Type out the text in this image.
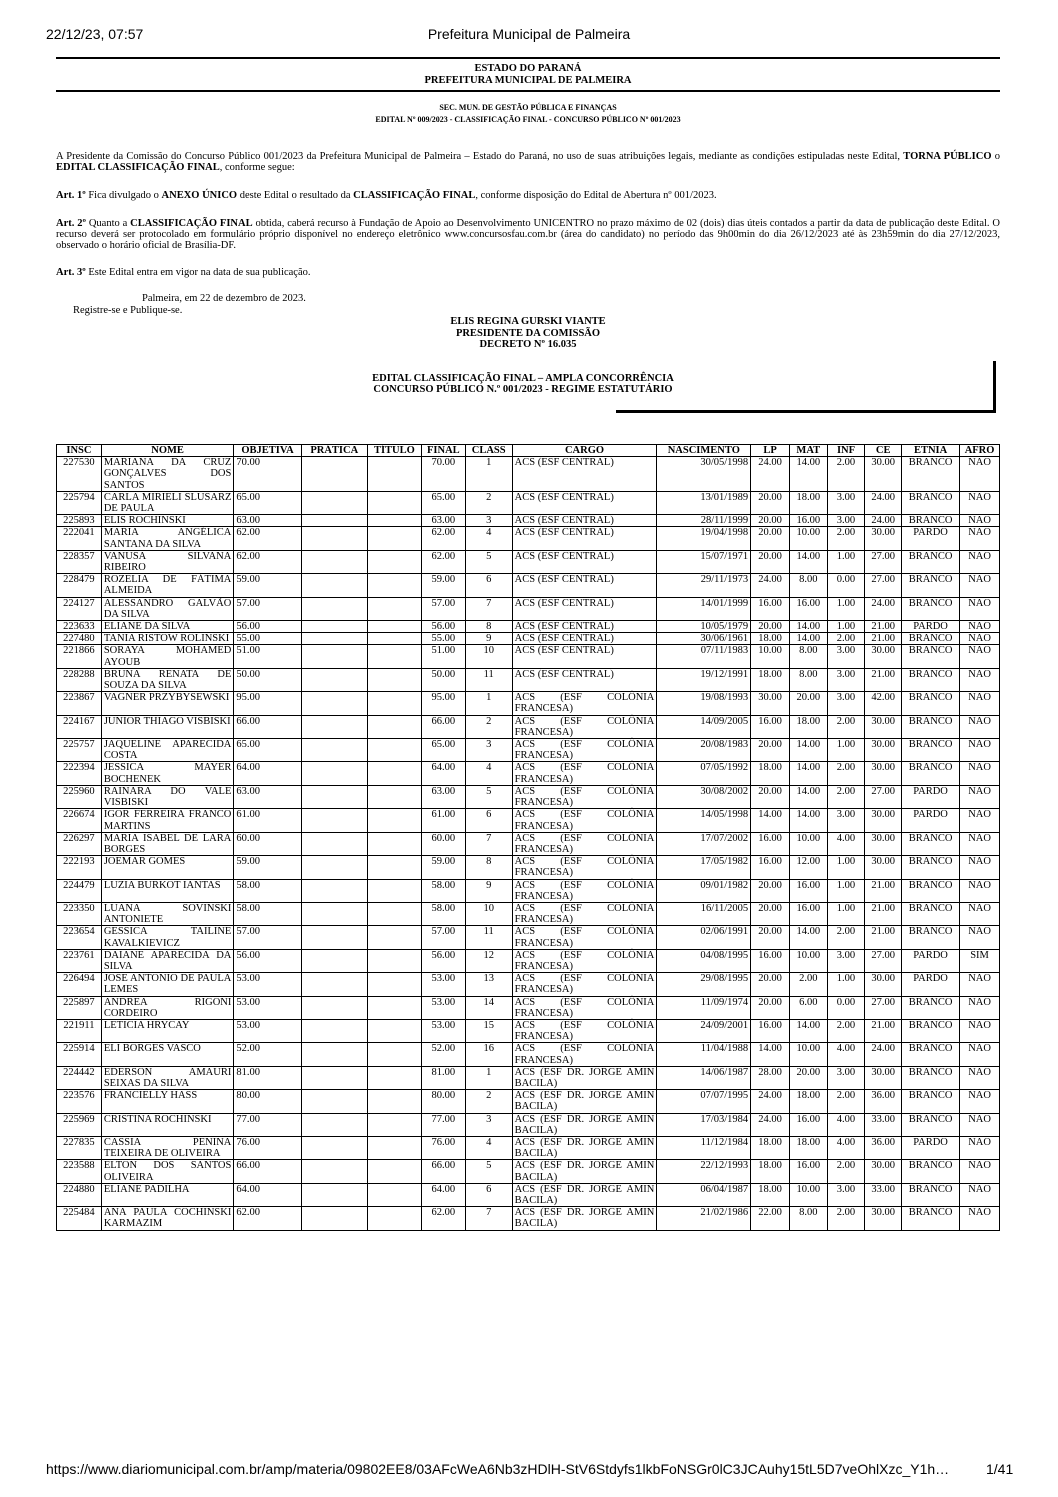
22/12/23, 07:57	Prefeitura Municipal de Palmeira
ESTADO DO PARANÁ
PREFEITURA MUNICIPAL DE PALMEIRA
SEC. MUN. DE GESTÃO PÚBLICA E FINANÇAS
EDITAL Nº 009/2023 - CLASSIFICAÇÃO FINAL - CONCURSO PÚBLICO Nº 001/2023

A Presidente da Comissão do Concurso Público 001/2023 da Prefeitura Municipal de Palmeira – Estado do Paraná, no uso de suas atribuições legais, mediante as condições estipuladas neste Edital, TORNA PÚBLICO o EDITAL CLASSIFICAÇÃO FINAL, conforme segue:

Art. 1º Fica divulgado o ANEXO ÚNICO deste Edital o resultado da CLASSIFICAÇÃO FINAL, conforme disposição do Edital de Abertura nº 001/2023.

Art. 2º Quanto a CLASSIFICAÇÃO FINAL obtida, caberá recurso à Fundação de Apoio ao Desenvolvimento UNICENTRO no prazo máximo de 02 (dois) dias úteis contados a partir da data de publicação deste Edital. O recurso deverá ser protocolado em formulário próprio disponível no endereço eletrônico www.concursosfau.com.br (área do candidato) no período das 9h00min do dia 26/12/2023 até às 23h59min do dia 27/12/2023, observado o horário oficial de Brasília-DF.

Art. 3º Este Edital entra em vigor na data de sua publicação.

Palmeira, em 22 de dezembro de 2023.
Registre-se e Publique-se.
ELIS REGINA GURSKI VIANTE
PRESIDENTE DA COMISSÃO
DECRETO Nº 16.035
EDITAL CLASSIFICAÇÃO FINAL – AMPLA CONCORRÊNCIA
CONCURSO PÚBLICO N.º 001/2023 - REGIME ESTATUTÁRIO
INSC	NOME	OBJETIVA	PRÁTICA	TÍTULO	FINAL	CLASS	CARGO	NASCIMENTO	LP	MAT	INF	CE	ETNIA	AFRO
227530	MARIANA DA CRUZ GONÇALVES DOS SANTOS	70.00			70.00	1	ACS (ESF CENTRAL)	30/05/1998	24.00	14.00	2.00	30.00	BRANCO	NAO
225794	CARLA MIRIELI SLUSARZ DE PAULA	65.00			65.00	2	ACS (ESF CENTRAL)	13/01/1989	20.00	18.00	3.00	24.00	BRANCO	NAO
225893	ELIS ROCHINSKI	63.00			63.00	3	ACS (ESF CENTRAL)	28/11/1999	20.00	16.00	3.00	24.00	BRANCO	NAO
222041	MARIA ANGÉLICA SANTANA DA SILVA	62.00			62.00	4	ACS (ESF CENTRAL)	19/04/1998	20.00	10.00	2.00	30.00	PARDO	NAO
228357	VANUSA SILVANA RIBEIRO	62.00			62.00	5	ACS (ESF CENTRAL)	15/07/1971	20.00	14.00	1.00	27.00	BRANCO	NAO
228479	ROZELIA DE FÁTIMA ALMEIDA	59.00			59.00	6	ACS (ESF CENTRAL)	29/11/1973	24.00	8.00	0.00	27.00	BRANCO	NAO
224127	ALESSANDRO GALVÃO DA SILVA	57.00			57.00	7	ACS (ESF CENTRAL)	14/01/1999	16.00	16.00	1.00	24.00	BRANCO	NAO
223633	ELIANE DA SILVA	56.00			56.00	8	ACS (ESF CENTRAL)	10/05/1979	20.00	14.00	1.00	21.00	PARDO	NAO
227480	TANIA RISTOW ROLINSKI	55.00			55.00	9	ACS (ESF CENTRAL)	30/06/1961	18.00	14.00	2.00	21.00	BRANCO	NAO
221866	SORAYA MOHAMED AYOUB	51.00			51.00	10	ACS (ESF CENTRAL)	07/11/1983	10.00	8.00	3.00	30.00	BRANCO	NAO
228288	BRUNA RENATA DE SOUZA DA SILVA	50.00			50.00	11	ACS (ESF CENTRAL)	19/12/1991	18.00	8.00	3.00	21.00	BRANCO	NAO
223867	VAGNER PRZYBYSEWSKI	95.00			95.00	1	ACS (ESF COLÔNIA FRANCESA)	19/08/1993	30.00	20.00	3.00	42.00	BRANCO	NAO
224167	JUNIOR THIAGO VISBISKI	66.00			66.00	2	ACS (ESF COLÔNIA FRANCESA)	14/09/2005	16.00	18.00	2.00	30.00	BRANCO	NAO
225757	JAQUELINE APARECIDA COSTA	65.00			65.00	3	ACS (ESF COLÔNIA FRANCESA)	20/08/1983	20.00	14.00	1.00	30.00	BRANCO	NAO
222394	JESSICA MAYER BOCHENEK	64.00			64.00	4	ACS (ESF COLÔNIA FRANCESA)	07/05/1992	18.00	14.00	2.00	30.00	BRANCO	NAO
225960	RAINARA DO VALE VISBISKI	63.00			63.00	5	ACS (ESF COLÔNIA FRANCESA)	30/08/2002	20.00	14.00	2.00	27.00	PARDO	NAO
226674	IGOR FERREIRA FRANCO MARTINS	61.00			61.00	6	ACS (ESF COLÔNIA FRANCESA)	14/05/1998	14.00	14.00	3.00	30.00	PARDO	NAO
226297	MARIA ISABEL DE LARA BORGES	60.00			60.00	7	ACS (ESF COLÔNIA FRANCESA)	17/07/2002	16.00	10.00	4.00	30.00	BRANCO	NAO
222193	JOEMAR GOMES	59.00			59.00	8	ACS (ESF COLÔNIA FRANCESA)	17/05/1982	16.00	12.00	1.00	30.00	BRANCO	NAO
224479	LUZIA BURKOT IANTAS	58.00			58.00	9	ACS (ESF COLÔNIA FRANCESA)	09/01/1982	20.00	16.00	1.00	21.00	BRANCO	NAO
223350	LUANA SOVINSKI ANTONIETE	58.00			58.00	10	ACS (ESF COLÔNIA FRANCESA)	16/11/2005	20.00	16.00	1.00	21.00	BRANCO	NAO
223654	GESSICA TAILINE KAVALKIEVICZ	57.00			57.00	11	ACS (ESF COLÔNIA FRANCESA)	02/06/1991	20.00	14.00	2.00	21.00	BRANCO	NAO
223761	DAIANE APARECIDA DA SILVA	56.00			56.00	12	ACS (ESF COLÔNIA FRANCESA)	04/08/1995	16.00	10.00	3.00	27.00	PARDO	SIM
226494	JOSE ANTONIO DE PAULA LEMES	53.00			53.00	13	ACS (ESF COLÔNIA FRANCESA)	29/08/1995	20.00	2.00	1.00	30.00	PARDO	NAO
225897	ANDREA RIGONI CORDEIRO	53.00			53.00	14	ACS (ESF COLÔNIA FRANCESA)	11/09/1974	20.00	6.00	0.00	27.00	BRANCO	NAO
221911	LETICIA HRYCAY	53.00			53.00	15	ACS (ESF COLÔNIA FRANCESA)	24/09/2001	16.00	14.00	2.00	21.00	BRANCO	NAO
225914	ELI BORGES VASCO	52.00			52.00	16	ACS (ESF COLÔNIA FRANCESA)	11/04/1988	14.00	10.00	4.00	24.00	BRANCO	NAO
224442	EDERSON AMAURI SEIXAS DA SILVA	81.00			81.00	1	ACS (ESF DR. JORGE AMIN BACILA)	14/06/1987	28.00	20.00	3.00	30.00	BRANCO	NAO
223576	FRANCIELLY HASS	80.00			80.00	2	ACS (ESF DR. JORGE AMIN BACILA)	07/07/1995	24.00	18.00	2.00	36.00	BRANCO	NAO
225969	CRISTINA ROCHINSKI	77.00			77.00	3	ACS (ESF DR. JORGE AMIN BACILA)	17/03/1984	24.00	16.00	4.00	33.00	BRANCO	NAO
227835	CASSIA PENINA TEIXEIRA DE OLIVEIRA	76.00			76.00	4	ACS (ESF DR. JORGE AMIN BACILA)	11/12/1984	18.00	18.00	4.00	36.00	PARDO	NAO
223588	ELTON DOS SANTOS OLIVEIRA	66.00			66.00	5	ACS (ESF DR. JORGE AMIN BACILA)	22/12/1993	18.00	16.00	2.00	30.00	BRANCO	NAO
224880	ELIANE PADILHA	64.00			64.00	6	ACS (ESF DR. JORGE AMIN BACILA)	06/04/1987	18.00	10.00	3.00	33.00	BRANCO	NAO
225484	ANA PAULA COCHINSKI KARMAZIM	62.00			62.00	7	ACS (ESF DR. JORGE AMIN BACILA)	21/02/1986	22.00	8.00	2.00	30.00	BRANCO	NAO
https://www.diariomunicipal.com.br/amp/materia/09802EE8/03AFcWeA6Nb3zHDlH-StV6Stdyfs1lkbFoNSGr0lC3JCAuhy15tL5D7veOhlXzc_Y1h…	1/41
